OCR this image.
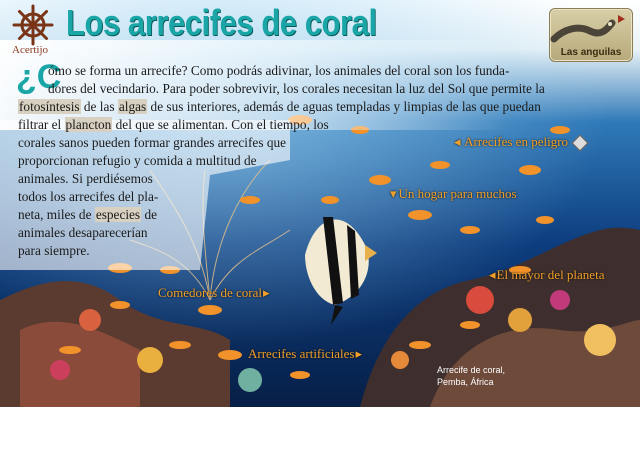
Acertijo
Los arrecifes de coral
Las anguilas
¿C
ómo se forma un arrecife? Como podrás adivinar, los animales del coral son los funda-
dores del vecindario. Para poder sobrevivir, los corales necesitan la luz del Sol que permite la
fotosíntesis de las algas de sus interiores, además de aguas templadas y limpias de las que puedan
filtrar el plancton del que se alimentan. Con el tiempo, los
corales sanos pueden formar grandes arrecifes que
proporcionan refugio y comida a multitud de
animales. Si perdiésemos
todos los arrecifes del pla-
neta, miles de especies de
animales desaparecerían
para siempre.
◂ Arrecifes en peligro
▾ Un hogar para muchos
◂ El mayor del planeta
Comedores de coral ▸
Arrecifes artificiales ▸
Arrecife de coral,
Pemba, África
